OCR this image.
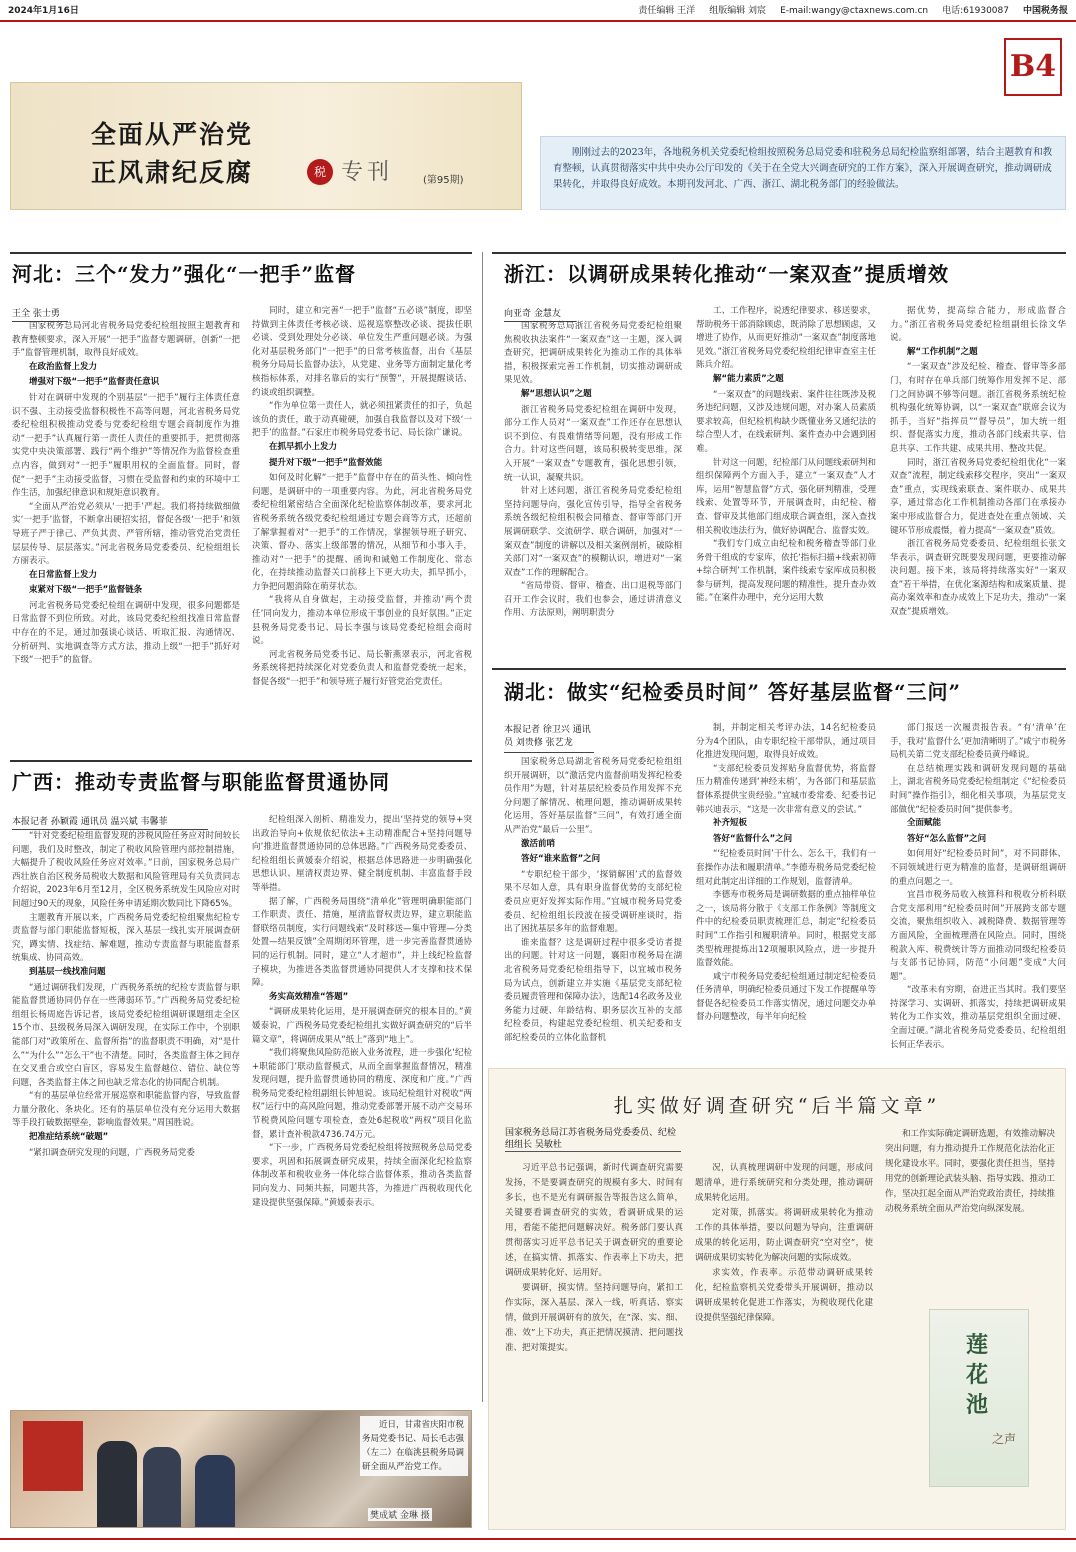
2024年1月16日	责任编辑 王洋 组版编辑 刘宸 E-mail:wangy@ctaxnews.com.cn 电话:61930087 中国税务报
B4
全面从严治党
正风肃纪反腐	税 专刊	(第95期)
刚刚过去的2023年，各地税务机关党委纪检组按照税务总局党委和驻税务总局纪检监察组部署，结合主题教育和教育整顿，认真贯彻落实中共中央办公厅印发的《关于在全党大兴调查研究的工作方案》，深入开展调查研究，推动调研成果转化，并取得良好成效。本期刊发河北、广西、浙江、湖北税务部门的经验做法。
河北：三个“发力”强化“一把手”监督
王全 张士勇

国家税务总局河北省税务局党委纪检组按照主题教育和教育整顿要求，深入开展“一把手”监督专题调研，创新“一把手”监督管理机制，取得良好成效。

在政治监督上发力

增强对下级“一把手”监督责任意识

针对在调研中发现的个别基层“一把手”履行主体责任意识不强、主动接受监督积极性不高等问题，河北省税务局党委纪检组积极推动党委与党委纪检组专题会商制度作为推动“一把手”认真履行第一责任人责任的重要抓手，把贯彻落实党中央决策部署、践行“两个维护”等情况作为监督检查重点内容，做到对“一把手”履职用权的全面监督。同时，督促“一把手”主动接受监督，习惯在受监督和约束的环境中工作生活，加强纪律意识和规矩意识教育。

“全面从严治党必须从‘一把手’严起。我们将持续做细做实‘一把手’监督，不断拿出硬招实招，督促各级‘一把手’和领导班子严于律己、严负其责、严管所辖，推动管党治党责任层层传导、层层落实。”河北省税务局党委委员、纪检组组长方丽表示。

在日常监督上发力

束紧对下级“一把手”监督链条

河北省税务局党委纪检组在调研中发现，很多问题都是日常监督不到位所致。对此，该局党委纪检组找准日常监督中存在的不足，通过加强谈心谈话、听取汇报、沟通情况、分析研判、实地调查等方式方法，推动上级“一把手”抓好对下级“一把手”的监督。

同时，建立和完善“一把手”监督“五必谈”制度，即坚持做到主体责任考核必谈、巡视巡察整改必谈、提拔任职必谈、受到处理处分必谈、单位发生严重问题必谈。为强化对基层税务部门“一把手”的日常考核监督，出台《基层税务分局局长监督办法》，从党建、业务等方面制定量化考核指标体系，对排名靠后的实行“预警”，开展提醒谈话、约谈或组织调整。

“作为单位第一责任人，就必须扭紧责任的扣子，负起该负的责任，敢于动真碰硬，加强自我监督以及对下级‘一把手’的监督。”石家庄市税务局党委书记、局长徐广谦说。

在抓早抓小上发力

提升对下级“一把手”监督效能

如何及时化解“一把手”监督中存在的苗头性、倾向性问题，是调研中的一项重要内容。为此，河北省税务局党委纪检组紧密结合全面深化纪检监察体制改革，要求河北省税务系统各级党委纪检组通过专题会商等方式，还超前了解掌握着对“一把手”的工作情况，掌握领导班子研究、决策、督办、落实上级部署的情况，从细节和小事入手，推动对“一把手”的提醒、函询和诫勉工作制度化、常态化，在持续推动监督关口前移上下更大功夫，抓早抓小，力争把问题消除在萌芽状态。

“我将从自身做起，主动接受监督，并推动‘两个责任’同向发力，推动本单位形成干事创业的良好氛围。”正定县税务局党委书记、局长李强与该局党委纪检组会商时说。

河北省税务局党委书记、局长靳燕翠表示，河北省税务系统将把持续深化对党委负责人和监督党委统一起来，督促各级“一把手”和领导班子履行好管党治党责任。

广西：推动专责监督与职能监督贯通协同
本报记者 孙颖霞 通讯员 温兴斌 韦馨菲

“针对党委纪检组监督发现的涉税风险任务应对时间较长问题，我们及时整改，制定了税收风险管理内部控制措施，大幅提升了税收风险任务应对效率。”日前，国家税务总局广西壮族自治区税务局税收大数据和风险管理局有关负责同志介绍说，2023年6月至12月，全区税务系统发生风险应对时间超过90天的现象，风险任务申请延期次数同比下降65%。

主题教育开展以来，广西税务局党委纪检组聚焦纪检专责监督与部门职能监督短板，深入基层一线扎实开展调查研究，蹲实情、找症结、解难题，推动专责监督与职能监督系统集成、协同高效。

到基层一线找准问题

“通过调研我们发现，广西税务系统的纪检专责监督与职能监督贯通协同仍存在一些薄弱环节。”广西税务局党委纪检组组长杨周庭告诉记者，该局党委纪检组调研课题组走全区15个市、县级税务局深入调研发现，在实际工作中，个别职能部门对“政策所在、监督所指”的监督职责不明确，对“是什么”“为什么”“怎么干”也不清楚。同时，各类监督主体之间存在交叉重合或空白盲区，容易发生监督越位、错位、缺位等问题，各类监督主体之间也缺乏常态化的协同配合机制。

“有的基层单位经常开展巡察和职能监督内容，导致监督力量分散化、条块化。还有的基层单位没有充分运用大数据等手段打破数据壁垒，影响监督效果。”周国胜说。

把准症结系统“破题”

“紧扣调查研究发现的问题，广西税务局党委

纪检组深入剖析、精准发力，提出‘坚持党的领导+突出政治导向+依规依纪依法+主动精准配合+坚持问题导向’推进监督贯通协同的总体思路。”广西税务局党委委员、纪检组组长黄媛泰介绍说，根据总体思路进一步明确强化思想认识、厘清权责边界、健全制度机制、丰富监督手段等举措。

据了解，广西税务局围绕“清单化”管理明确职能部门工作职责、责任、措施，厘清监督权责边界，建立职能监督联络员制度，实行问题线索“及时移送—集中管理—分类处置—结果反馈”全周期闭环管理，进一步完善监督贯通协同的运行机制。同时，建立“人才超市”，并上线纪检监督子模块，为推进各类监督贯通协同提供人才支撑和技术保障。

务实高效精准“答题”

“调研成果转化运用，是开展调查研究的根本目的。”黄媛泰说，广西税务局党委纪检组扎实做好调查研究的“后半篇文章”，将调研成果从“纸上”落到“地上”。

“我们将聚焦风险防范嵌入业务流程，进一步强化‘纪检+职能部门’联动监督模式，从而全面掌握监督情况，精准发现问题，提升监督贯通协同的精度、深度和广度。”广西税务局党委纪检组副组长钟旭说。该局纪检组针对税收“两权”运行中的高风险问题，推动党委部署开展不动产交易环节税费风险问题专项检查，查处6起税收“两权”项目化监督，累计查补税款4736.74万元。

“下一步，广西税务局党委纪检组将按照税务总局党委要求，巩固和拓展调查研究成果，持续全面深化纪检监察体制改革和税收业务一体化综合监督体系，推动各类监督同向发力、同频共振，同题共答，为推进广西税收现代化建设提供坚强保障。”黄媛泰表示。

浙江：以调研成果转化推动“一案双查”提质增效
向亚奇 金慧友

国家税务总局浙江省税务局党委纪检组聚焦税收执法案件“一案双查”这一主题，深入调查研究，把调研成果转化为推动工作的具体举措，积极探索完善工作机制，切实推动调研成果见效。

解“思想认识”之题

浙江省税务局党委纪检组在调研中发现，部分工作人员对“一案双查”工作还存在思想认识不到位、有畏难情绪等问题，没有形成工作合力。针对这些问题，该局积极转变思维，深入开展“一案双查”专题教育，强化思想引领，统一认识，凝聚共识。

针对上述问题，浙江省税务局党委纪检组坚持问题导向，强化宣传引导，指导全省税务系统各级纪检组积极会同稽查、督审等部门开展调研联学、交流研学、联合调研，加强对“一案双查”制度的讲解以及相关案例剖析，破除相关部门对“一案双查”的模糊认识，增进对“一案双查”工作的理解配合。

“省局带资、督审、稽查、出口退税等部门召开工作会议时，我们也参会，通过讲清意义作用、方法原则，阐明职责分

工、工作程序，说透纪律要求、移送要求，帮助税务干部消除顾虑，既消除了思想顾虑，又增进了协作，从而更好推动“一案双查”制度落地见效。”浙江省税务局党委纪检组纪律审查室主任陈兵介绍。

解“能力素质”之题

“一案双查”的问题线索、案件往往既涉及税务违纪问题，又涉及违规问题，对办案人员素质要求较高，但纪检机构缺少既懂业务又通纪法的综合型人才，在线索研判、案件查办中会遇到困难。

针对这一问题，纪检部门从问题线索研判和组织保障两个方面入手，建立“一案双查”人才库，运用“智慧监督”方式，强化研判精准，受理线索、处置等环节，开展调查时，由纪检、稽查、督审及其他部门组成联合调查组，深入查找相关税收违法行为，做好协调配合、监督实效。

“我们专门成立由纪检和税务稽查等部门业务骨干组成的专家库，依托‘指标扫描+线索初筛+综合研判’工作机制，案件线索专家库成员积极参与研判，提高发现问题的精准性，提升查办效能。”在案件办理中，充分运用大数

据优势，提高综合能力，形成监督合力。”浙江省税务局党委纪检组副组长徐文华说。

解“工作机制”之题

“一案双查”涉及纪检、稽查、督审等多部门，有时存在单兵部门统筹作用发挥不足、部门之间协调不够等问题。浙江省税务系统纪检机构强化统筹协调，以“一案双查”联席会议为抓手，当好“指挥员”“督导员”，加大统一组织、督促落实力度，推动各部门线索共享、信息共享、工作共建、成果共用、整改共促。

同时，浙江省税务局党委纪检组优化“一案双查”流程，制定线索移交程序，突出“一案双查”重点，实现线索联查、案件联办、成果共享，通过常态化工作机制推动各部门在承接办案中形成监督合力，促进查处在重点领域、关键环节形成震慑，着力提高“一案双查”质效。

浙江省税务局党委委员、纪检组组长张文华表示，调查研究既要发现问题，更要推动解决问题。接下来，该局将持续落实好“一案双查”若干举措，在优化案源结构和成案质量、提高办案效率和查办成效上下足功夫，推动“一案双查”提质增效。

湖北：做实“纪检委员时间” 答好基层监督“三问”
本报记者 徐卫兴 通讯员 刘贵修 张艺龙

国家税务总局湖北省税务局党委纪检组组织开展调研，以“激活党内监督前哨发挥纪检委员作用”为题，针对基层纪检委员作用发挥不充分问题了解情况、梳理问题，推动调研成果转化运用，答好基层监督“三问”，有效打通全面从严治党“最后一公里”。

激活前哨

答好“谁来监督”之问

“专职纪检干部少，‘探销解困’式的监督效果不尽如人意，具有职身监督优势的支部纪检委员应更好发挥实际作用。”宜城市税务局党委委员、纪检组组长段波在接受调研座谈时，指出了困扰基层多年的监督难题。

谁来监督？这是调研过程中很多受访者提出的问题。针对这一问题，襄阳市税务局在湖北省税务局党委纪检组指导下，以宜城市税务局为试点，创新建立并实施《基层党支部纪检委员履责管理和保障办法》，选配14名政务及业务能力过硬、年龄结构、职务层次互补的支部纪检委员，构建起党委纪检组、机关纪委和支部纪检委员的立体化监督机

制，并制定相关考评办法，14名纪检委员分为4个团队，由专职纪检干部带队，通过项目化推进发现问题，取得良好成效。

“支部纪检委员发挥贴身监督优势，将监督压力精准传递到‘神经末梢’，为各部门和基层监督体系提供宝贵经验。”宜城市委常委、纪委书记韩兴迪表示，“这是一次非常有意义的尝试。”

补齐短板

答好“监督什么”之问

“‘纪检委员时间’干什么、怎么干，我们有一套操作办法和履职清单。”李德寿税务局党委纪检组对此制定出详细的工作规划，监督清单。

李德寿市税务局是调研数据的重点抽样单位之一，该局将分散于《支部工作条例》等制度文件中的纪检委员职责梳理汇总，制定“纪检委员时间”工作指引和履职清单。同时，根据党支部类型梳理提炼出12项履职风险点，进一步提升监督效能。

咸宁市税务局党委纪检组通过制定纪检委员任务清单，明确纪检委员通过下发工作提醒单等督促各纪检委员工作落实情况，通过问题交办单督办问题整改，每半年向纪检

部门报送一次履责报告表。“有‘清单’在手，我对‘监督什么’更加清晰明了。”咸宁市税务局机关第二党支部纪检委员黄丹峰说。

在总结梳理实践和调研发现问题的基础上，湖北省税务局党委纪检组制定《“纪检委员时间”操作指引》，细化相关事项，为基层党支部做优“纪检委员时间”提供参考。

全面赋能

答好“怎么监督”之问

如何用好“纪检委员时间”，对不同群体、不同领域进行更为精准的监督，是调研组调研的重点问题之一。

宜昌市税务局收入核算科和税收分析科联合党支部利用“纪检委员时间”开展跨支部专题交流，聚焦组织收入、减税降费、数据管理等方面风险，全面梳理潜在风险点。同时，围绕税款入库、税费统计等方面推动同级纪检委员与支部书记协同，防范“小问题”变成“大问题”。

“改革未有穷期，奋进正当其时。我们要坚持深学习、实调研、抓落实，持续把调研成果转化为工作实效，推动基层党组织全面过硬、全面过硬。”湖北省税务局党委委员、纪检组组长何正华表示。

近日，甘肃省庆阳市税务局党委书记、局长毛志强（左二）在临洮县税务局调研全面从严治党工作。
樊成斌 金琳 摄
扎实做好调查研究“后半篇文章”
国家税务总局江苏省税务局党委委员、纪检组组长 吴敏杜

习近平总书记强调，新时代调查研究需要发扬，不是要调查研究的规模有多大、时间有多长，也不是光有调研报告等报告这么简单，关键要看调查研究的实效，看调研成果的运用，看能不能把问题解决好。税务部门要认真贯彻落实习近平总书记关于调查研究的重要论述，在搞实情、抓落实、作表率上下功夫，把调研成果转化好、运用好。

要调研，摸实情。坚持问题导向，紧扣工作实际，深入基层、深入一线，听真话、察实情，做到开展调研有的放矢，在“深、实、细、准、效”上下功夫，真正把情况摸清、把问题找准、把对策提实。

况，认真梳理调研中发现的问题，形成问题清单，进行系统研究和分类处理，推动调研成果转化运用。

定对策，抓落实。将调研成果转化为推动工作的具体举措，要以问题为导向，注重调研成果的转化运用，防止调查研究“空对空”，使调研成果切实转化为解决问题的实际成效。

求实效，作表率。示范带动调研成果转化，纪检监察机关党委带头开展调研，推动以调研成果转化促进工作落实，为税收现代化建设提供坚强纪律保障。

和工作实际确定调研选题，有效推动解决突出问题，有力推动提升工作规范化法治化正规化建设水平。同时，要强化责任担当，坚持用党的创新理论武装头脑、指导实践、推动工作，坚决扛起全面从严治党政治责任，持续推动税务系统全面从严治党向纵深发展。

莲花池
之声
